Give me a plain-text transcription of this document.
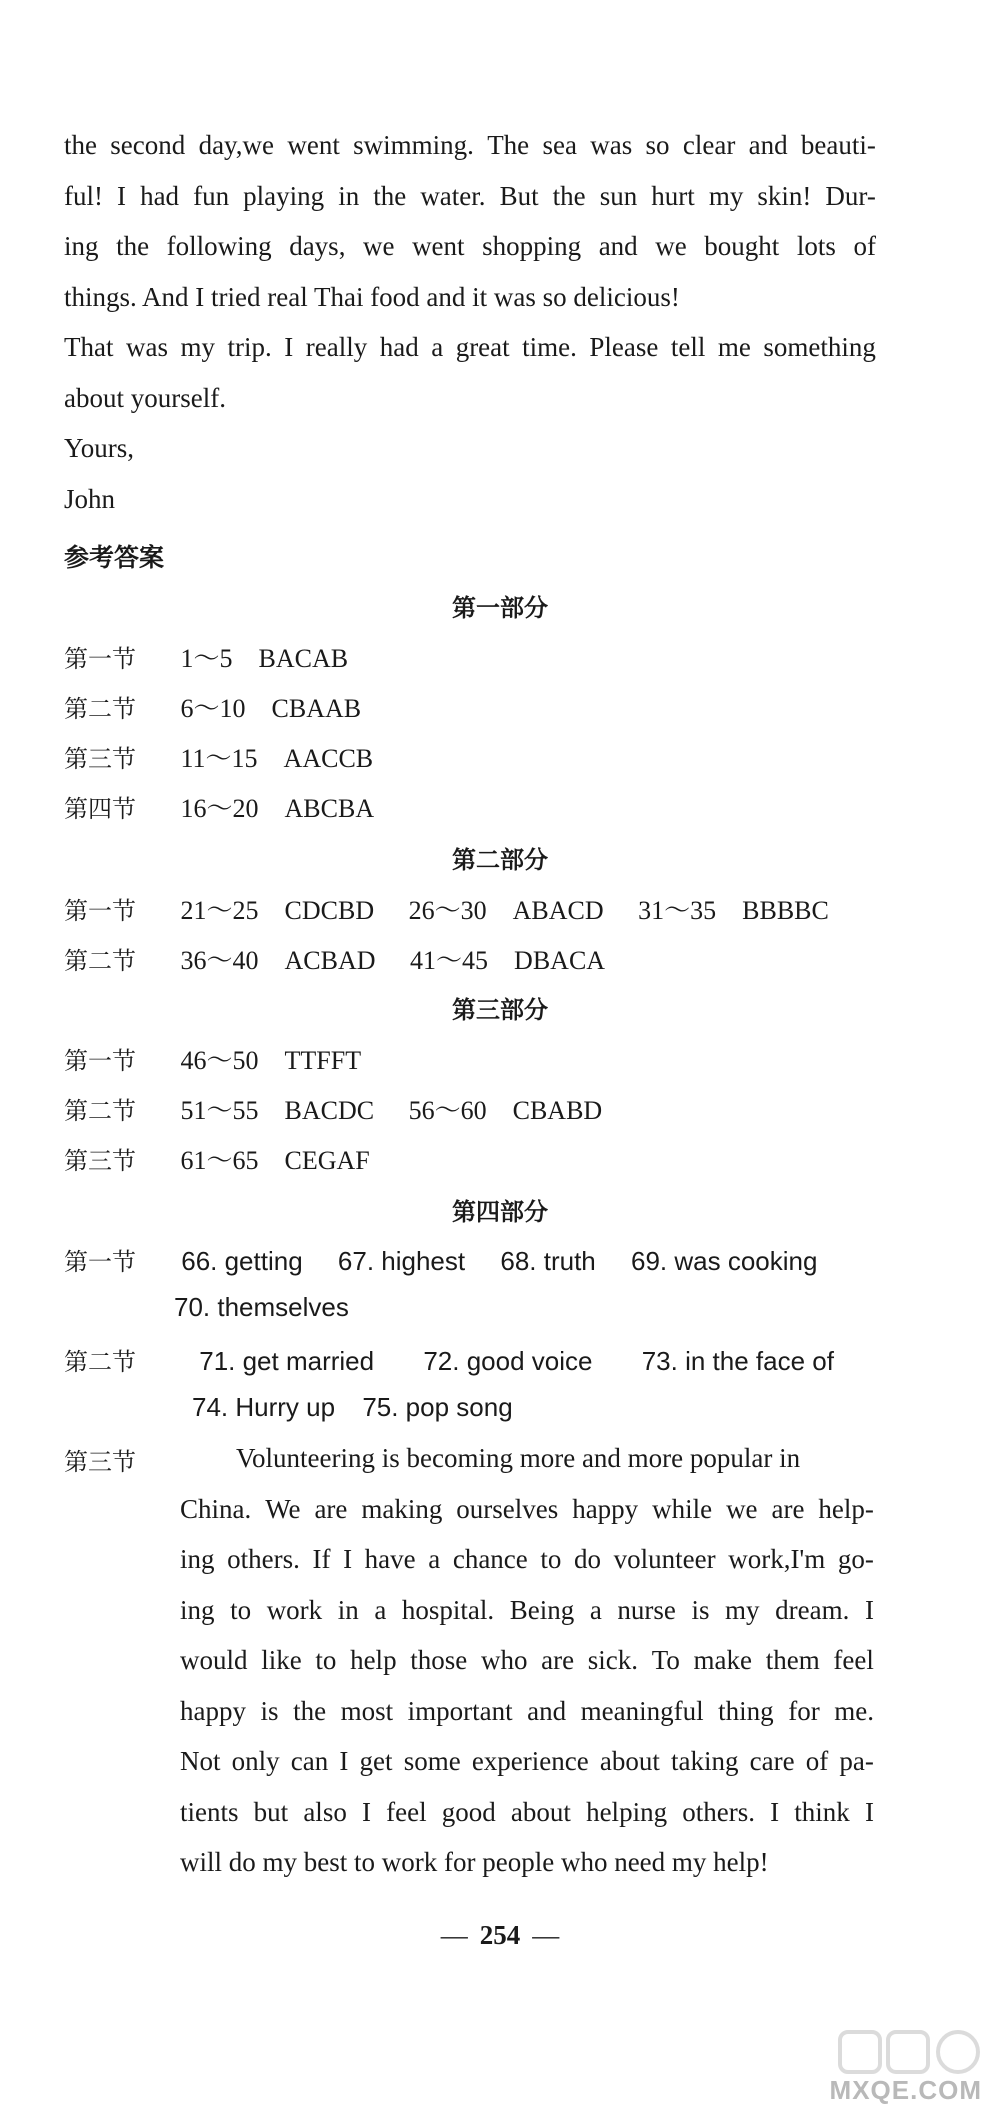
the second day,we went swimming. The sea was so clear and beauti-
ful! I had fun playing in the water. But the sun hurt my skin! Dur-
ing the following days, we went shopping and we bought lots of
things. And I tried real Thai food and it was so delicious!
That was my trip. I really had a great time. Please tell me something
about yourself.
Yours,
John
参考答案
第一部分
第一节 1～5 BACAB
第二节 6～10 CBAAB
第三节 11～15 AACCB
第四节 16～20 ABCBA
第二部分
第一节 21～25 CDCBD 26～30 ABACD 31～35 BBBBC
第二节 36～40 ACBAD 41～45 DBACA
第三部分
第一节 46～50 TTFFT
第二节 51～55 BACDC 56～60 CBABD
第三节 61～65 CEGAF
第四部分
第一节 66. getting 67. highest 68. truth 69. was cooking
70. themselves
第二节 71. get married 72. good voice 73. in the face of
74. Hurry up 75. pop song
第三节	Volunteering is becoming more and more popular in
China. We are making ourselves happy while we are help-
ing others. If I have a chance to do volunteer work,I'm go-
ing to work in a hospital. Being a nurse is my dream. I
would like to help those who are sick. To make them feel
happy is the most important and meaningful thing for me.
Not only can I get some experience about taking care of pa-
tients but also I feel good about helping others. I think I
will do my best to work for people who need my help!
— 254 —
MXQE.COM
